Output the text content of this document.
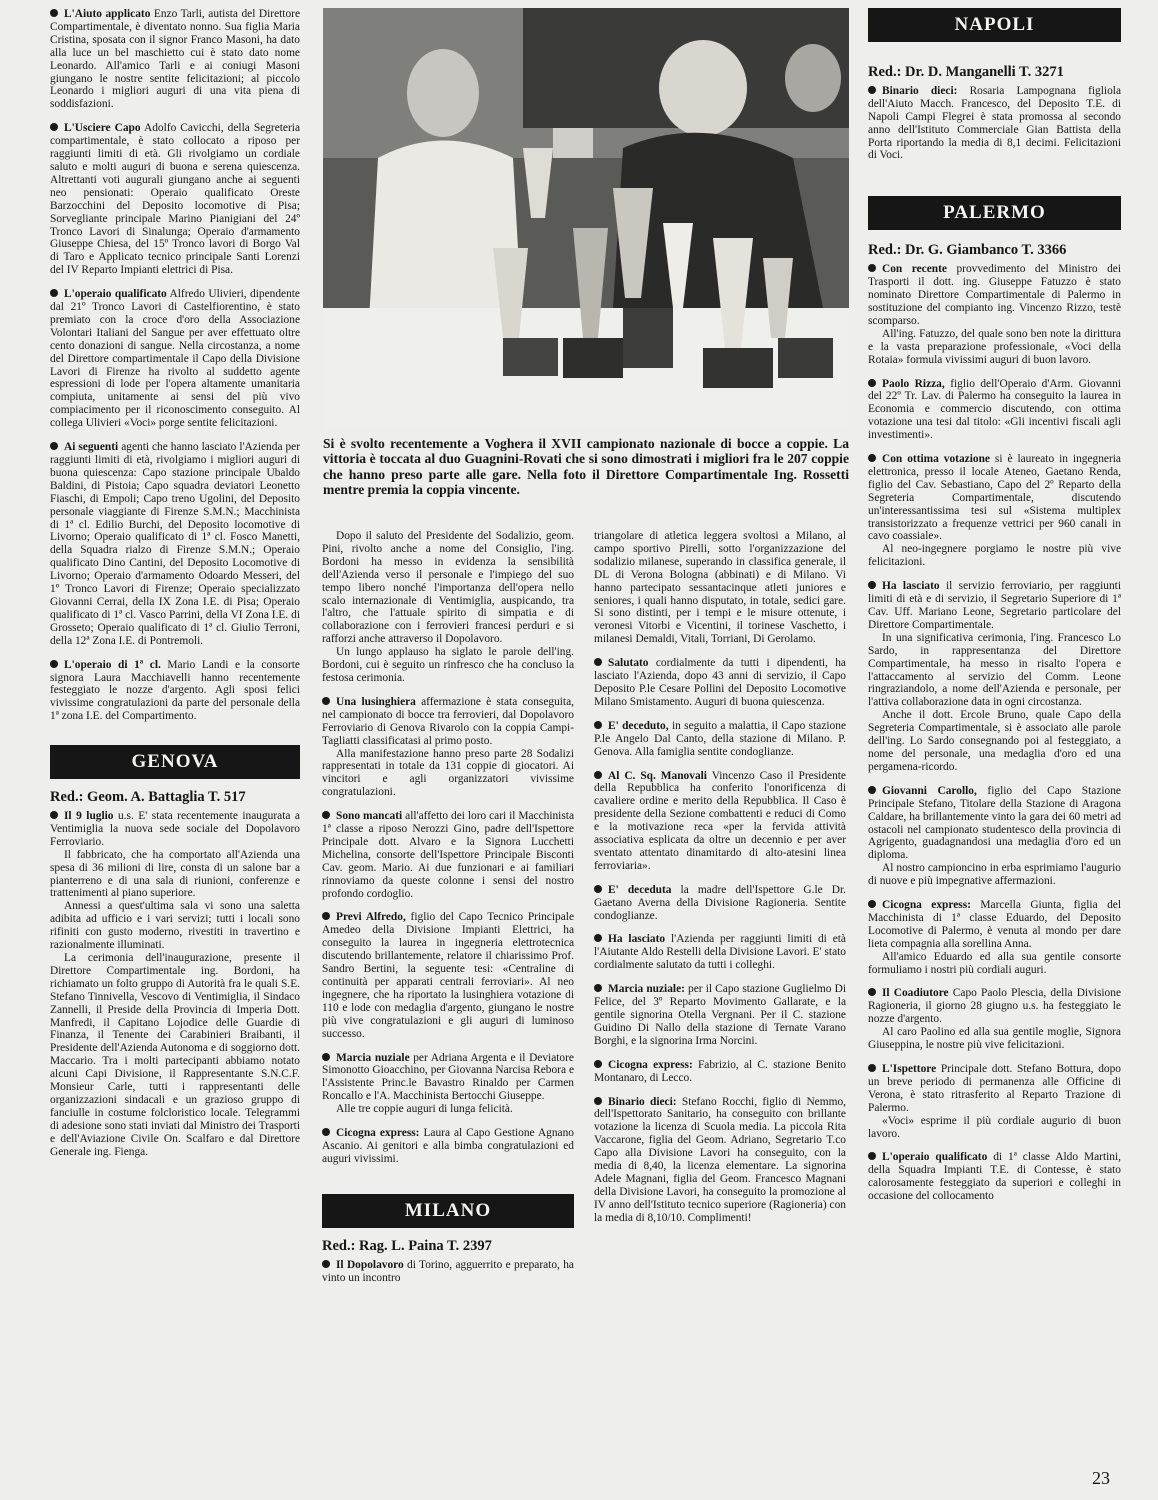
L'Aiuto applicato Enzo Tarli, autista del Direttore Compartimentale, è diventato nonno. Sua figlia Maria Cristina, sposata con il signor Franco Masoni, ha dato alla luce un bel maschietto cui è stato dato nome Leonardo. All'amico Tarli e ai coniugi Masoni giungano le nostre sentite felicitazioni; al piccolo Leonardo i migliori auguri di una vita piena di soddisfazioni.

L'Usciere Capo Adolfo Cavicchi, della Segreteria compartimentale, è stato collocato a riposo per raggiunti limiti di età. Gli rivolgiamo un cordiale saluto e molti auguri di buona e serena quiescenza. Altrettanti voti augurali giungano anche ai seguenti neo pensionati: Operaio qualificato Oreste Barzocchini del Deposito locomotive di Pisa; Sorvegliante principale Marino Pianigiani del 24º Tronco Lavori di Sinalunga; Operaio d'armamento Giuseppe Chiesa, del 15º Tronco lavori di Borgo Val di Taro e Applicato tecnico principale Santi Lorenzi del IV Reparto Impianti elettrici di Pisa.

L'operaio qualificato Alfredo Ulivieri, dipendente dal 21º Tronco Lavori di Castelfiorentino, è stato premiato con la croce d'oro della Associazione Volontari Italiani del Sangue per aver effettuato oltre cento donazioni di sangue. Nella circostanza, a nome del Direttore compartimentale il Capo della Divisione Lavori di Firenze ha rivolto al suddetto agente espressioni di lode per l'opera altamente umanitaria compiuta, unitamente ai sensi del più vivo compiacimento per il riconoscimento conseguito. Al collega Ulivieri «Voci» porge sentite felicitazioni.

Ai seguenti agenti che hanno lasciato l'Azienda per raggiunti limiti di età, rivolgiamo i migliori auguri di buona quiescenza: Capo stazione principale Ubaldo Baldini, di Pistoia; Capo squadra deviatori Leonetto Fiaschi, di Empoli; Capo treno Ugolini, del Deposito personale viaggiante di Firenze S.M.N.; Macchinista di 1ª cl. Edilio Burchi, del Deposito locomotive di Livorno; Operaio qualificato di 1ª cl. Fosco Manetti, della Squadra rialzo di Firenze S.M.N.; Operaio qualificato Dino Cantini, del Deposito Locomotive di Livorno; Operaio d'armamento Odoardo Messeri, del 1º Tronco Lavori di Firenze; Operaio specializzato Giovanni Cerrai, della IX Zona I.E. di Pisa; Operaio qualificato di 1ª cl. Vasco Parrini, della VI Zona I.E. di Grosseto; Operaio qualificato di 1ª cl. Giulio Terroni, della 12ª Zona I.E. di Pontremoli.

L'operaio di 1ª cl. Mario Landi e la consorte signora Laura Macchiavelli hanno recentemente festeggiato le nozze d'argento. Agli sposi felici vivissime congratulazioni da parte del personale della 1ª zona I.E. del Compartimento.

GENOVA
Red.: Geom. A. Battaglia T. 517

Il 9 luglio u.s. E' stata recentemente inaugurata a Ventimiglia la nuova sede sociale del Dopolavoro Ferroviario.

Il fabbricato, che ha comportato all'Azienda una spesa di 36 milioni di lire, consta di un salone bar a pianterreno e di una sala di riunioni, conferenze e trattenimenti al piano superiore.

Annessi a quest'ultima sala vi sono una saletta adibita ad ufficio e i vari servizi; tutti i locali sono rifiniti con gusto moderno, rivestiti in travertino e razionalmente illuminati.

La cerimonia dell'inaugurazione, presente il Direttore Compartimentale ing. Bordoni, ha richiamato un folto gruppo di Autorità fra le quali S.E. Stefano Tinnivella, Vescovo di Ventimiglia, il Sindaco Zannelli, il Preside della Provincia di Imperia Dott. Manfredi, il Capitano Lojodice delle Guardie di Finanza, il Tenente dei Carabinieri Braibanti, il Presidente dell'Azienda Autonoma e di soggiorno dott. Maccario. Tra i molti partecipanti abbiamo notato alcuni Capi Divisione, il Rappresentante S.N.C.F. Monsieur Carle, tutti i rappresentanti delle organizzazioni sindacali e un grazioso gruppo di fanciulle in costume folcloristico locale. Telegrammi di adesione sono stati inviati dal Ministro dei Trasporti e dell'Aviazione Civile On. Scalfaro e dal Direttore Generale ing. Fienga.

Si è svolto recentemente a Voghera il XVII campionato nazionale di bocce a coppie. La vittoria è toccata al duo Guagnini-Rovati che si sono dimostrati i migliori fra le 207 coppie che hanno preso parte alle gare. Nella foto il Direttore Compartimentale Ing. Rossetti mentre premia la coppia vincente.

Dopo il saluto del Presidente del Sodalizio, geom. Pini, rivolto anche a nome del Consiglio, l'ing. Bordoni ha messo in evidenza la sensibilità dell'Azienda verso il personale e l'impiego del suo tempo libero nonché l'importanza dell'opera nello scalo internazionale di Ventimiglia, auspicando, tra l'altro, che l'attuale spirito di simpatia e di collaborazione con i ferrovieri francesi perduri e si rafforzi anche attraverso il Dopolavoro.

Un lungo applauso ha siglato le parole dell'ing. Bordoni, cui è seguito un rinfresco che ha concluso la festosa cerimonia.

Una lusinghiera affermazione è stata conseguita, nel campionato di bocce tra ferrovieri, dal Dopolavoro Ferroviario di Genova Rivarolo con la coppia Campi-Tagliatti classificatasi al primo posto.

Alla manifestazione hanno preso parte 28 Sodalizi rappresentati in totale da 131 coppie di giocatori. Ai vincitori e agli organizzatori vivissime congratulazioni.

Sono mancati all'affetto dei loro cari il Macchinista 1ª classe a riposo Nerozzi Gino, padre dell'Ispettore Principale dott. Alvaro e la Signora Lucchetti Michelina, consorte dell'Ispettore Principale Bisconti Cav. geom. Mario. Ai due funzionari e ai familiari rinnoviamo da queste colonne i sensi del nostro profondo cordoglio.

Previ Alfredo, figlio del Capo Tecnico Principale Amedeo della Divisione Impianti Elettrici, ha conseguito la laurea in ingegneria elettrotecnica discutendo brillantemente, relatore il chiarissimo Prof. Sandro Bertini, la seguente tesi: «Centraline di continuità per apparati centrali ferroviari». Al neo ingegnere, che ha riportato la lusinghiera votazione di 110 e lode con medaglia d'argento, giungano le nostre più vive congratulazioni e gli auguri di luminoso successo.

Marcia nuziale per Adriana Argenta e il Deviatore Simonotto Gioacchino, per Giovanna Narcisa Rebora e l'Assistente Princ.le Bavastro Rinaldo per Carmen Roncallo e l'A. Macchinista Bertocchi Giuseppe.

Alle tre coppie auguri di lunga felicità.

Cicogna express: Laura al Capo Gestione Agnano Ascanio. Ai genitori e alla bimba congratulazioni ed auguri vivissimi.

MILANO
Red.: Rag. L. Paina T. 2397

Il Dopolavoro di Torino, agguerrito e preparato, ha vinto un incontro

triangolare di atletica leggera svoltosi a Milano, al campo sportivo Pirelli, sotto l'organizzazione del sodalizio milanese, superando in classifica generale, il DL di Verona Bologna (abbinati) e di Milano. Vi hanno partecipato sessantacinque atleti juniores e seniores, i quali hanno disputato, in totale, sedici gare. Si sono distinti, per i tempi e le misure ottenute, i veronesi Vitorbi e Vicentini, il torinese Vaschetto, i milanesi Demaldi, Vitali, Torriani, Di Gerolamo.

Salutato cordialmente da tutti i dipendenti, ha lasciato l'Azienda, dopo 43 anni di servizio, il Capo Deposito P.le Cesare Pollini del Deposito Locomotive Milano Smistamento. Auguri di buona quiescenza.

E' deceduto, in seguito a malattia, il Capo stazione P.le Angelo Dal Canto, della stazione di Milano. P. Genova. Alla famiglia sentite condoglianze.

Al C. Sq. Manovali Vincenzo Caso il Presidente della Repubblica ha conferito l'onorificenza di cavaliere ordine e merito della Repubblica. Il Caso è presidente della Sezione combattenti e reduci di Como e la motivazione reca «per la fervida attività associativa esplicata da oltre un decennio e per aver sventato attentato dinamitardo di alto-atesini linea ferroviaria».

E' deceduta la madre dell'Ispettore G.le Dr. Gaetano Averna della Divisione Ragioneria. Sentite condoglianze.

Ha lasciato l'Azienda per raggiunti limiti di età l'Aiutante Aldo Restelli della Divisione Lavori. E' stato cordialmente salutato da tutti i colleghi.

Marcia nuziale: per il Capo stazione Guglielmo Di Felice, del 3º Reparto Movimento Gallarate, e la gentile signorina Otella Vergnani. Per il C. stazione Guidino Di Nallo della stazione di Ternate Varano Borghi, e la signorina Irma Norcini.

Cicogna express: Fabrizio, al C. stazione Benito Montanaro, di Lecco.

Binario dieci: Stefano Rocchi, figlio di Nemmo, dell'Ispettorato Sanitario, ha conseguito con brillante votazione la licenza di Scuola media. La piccola Rita Vaccarone, figlia del Geom. Adriano, Segretario T.co Capo alla Divisione Lavori ha conseguito, con la media di 8,40, la licenza elementare. La signorina Adele Magnani, figlia del Geom. Francesco Magnani della Divisione Lavori, ha conseguito la promozione al IV anno dell'Istituto tecnico superiore (Ragioneria) con la media di 8,10/10. Complimenti!

NAPOLI
Red.: Dr. D. Manganelli T. 3271

Binario dieci: Rosaria Lampognana figliola dell'Aiuto Macch. Francesco, del Deposito T.E. di Napoli Campi Flegrei è stata promossa al secondo anno dell'Istituto Commerciale Gian Battista della Porta riportando la media di 8,1 decimi. Felicitazioni di Voci.

PALERMO
Red.: Dr. G. Giambanco T. 3366

Con recente provvedimento del Ministro dei Trasporti il dott. ing. Giuseppe Fatuzzo è stato nominato Direttore Compartimentale di Palermo in sostituzione del compianto ing. Vincenzo Rizzo, testè scomparso.

All'ing. Fatuzzo, del quale sono ben note la dirittura e la vasta preparazione professionale, «Voci della Rotaia» formula vivissimi auguri di buon lavoro.

Paolo Rizza, figlio dell'Operaio d'Arm. Giovanni del 22º Tr. Lav. di Palermo ha conseguito la laurea in Economia e commercio discutendo, con ottima votazione una tesi dal titolo: «Gli incentivi fiscali agli investimenti».

Con ottima votazione si è laureato in ingegneria elettronica, presso il locale Ateneo, Gaetano Renda, figlio del Cav. Sebastiano, Capo del 2º Reparto della Segreteria Compartimentale, discutendo un'interessantissima tesi sul «Sistema multiplex transistorizzato a frequenze vettrici per 960 canali in cavo coassiale».

Al neo-ingegnere porgiamo le nostre più vive felicitazioni.

Ha lasciato il servizio ferroviario, per raggiunti limiti di età e di servizio, il Segretario Superiore di 1ª Cav. Uff. Mariano Leone, Segretario particolare del Direttore Compartimentale.

In una significativa cerimonia, l'ing. Francesco Lo Sardo, in rappresentanza del Direttore Compartimentale, ha messo in risalto l'opera e l'attaccamento al servizio del Comm. Leone ringraziandolo, a nome dell'Azienda e personale, per l'attiva collaborazione data in ogni circostanza.

Anche il dott. Ercole Bruno, quale Capo della Segreteria Compartimentale, si è associato alle parole dell'ing. Lo Sardo consegnando poi al festeggiato, a nome del personale, una medaglia d'oro ed una pergamena-ricordo.

Giovanni Carollo, figlio del Capo Stazione Principale Stefano, Titolare della Stazione di Aragona Caldare, ha brillantemente vinto la gara dei 60 metri ad ostacoli nel campionato studentesco della provincia di Agrigento, guadagnandosi una medaglia d'oro ed un diploma.

Al nostro campioncino in erba esprimiamo l'augurio di nuove e più impegnative affermazioni.

Cicogna express: Marcella Giunta, figlia del Macchinista di 1ª classe Eduardo, del Deposito Locomotive di Palermo, è venuta al mondo per dare lieta compagnia alla sorellina Anna.

All'amico Eduardo ed alla sua gentile consorte formuliamo i nostri più cordiali auguri.

Il Coadiutore Capo Paolo Plescia, della Divisione Ragioneria, il giorno 28 giugno u.s. ha festeggiato le nozze d'argento.

Al caro Paolino ed alla sua gentile moglie, Signora Giuseppina, le nostre più vive felicitazioni.

L'Ispettore Principale dott. Stefano Bottura, dopo un breve periodo di permanenza alle Officine di Verona, è stato ritrasferito al Reparto Trazione di Palermo.

«Voci» esprime il più cordiale augurio di buon lavoro.

L'operaio qualificato di 1ª classe Aldo Martini, della Squadra Impianti T.E. di Contesse, è stato calorosamente festeggiato da superiori e colleghi in occasione del collocamento

23
